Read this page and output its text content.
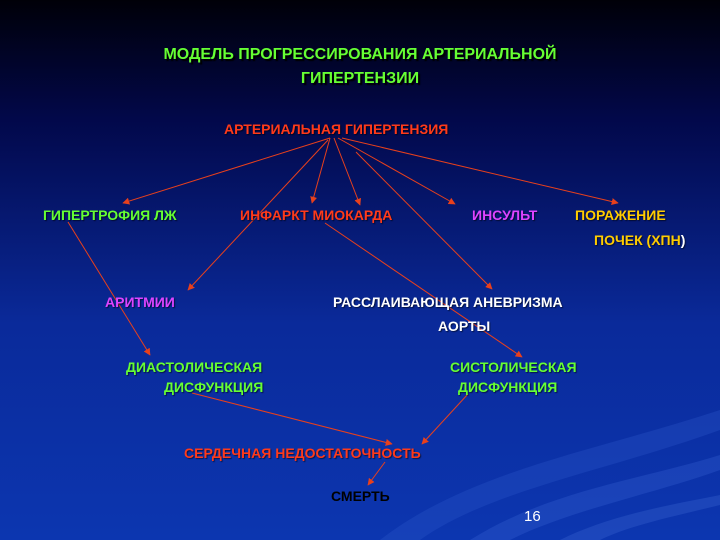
МОДЕЛЬ ПРОГРЕССИРОВАНИЯ АРТЕРИАЛЬНОЙ

ГИПЕРТЕНЗИИ

АРТЕРИАЛЬНАЯ ГИПЕРТЕНЗИЯ

ГИПЕРТРОФИЯ ЛЖ	ИНФАРКТ МИОКАРДА	ИНСУЛЬТ	ПОРАЖЕНИЕ

ПОЧЕК (ХПН)

АРИТМИИ	РАССЛАИВАЮЩАЯ АНЕВРИЗМА

АОРТЫ

ДИАСТОЛИЧЕСКАЯ

ДИСФУНКЦИЯ

СИСТОЛИЧЕСКАЯ

ДИСФУНКЦИЯ

СЕРДЕЧНАЯ НЕДОСТАТОЧНОСТЬ

СМЕРТЬ

16
